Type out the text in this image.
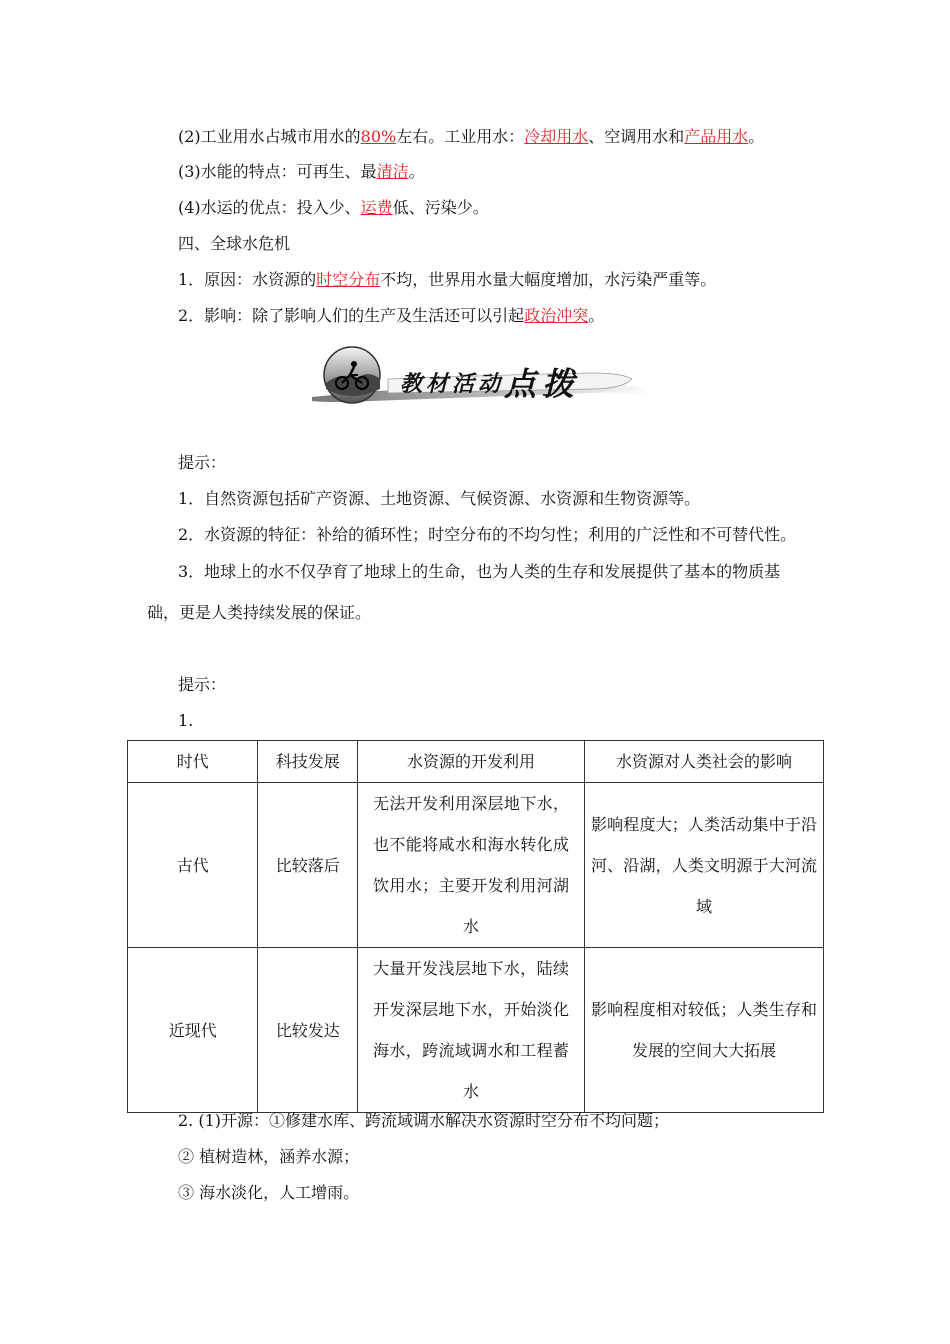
(2)工业用水占城市用水的80%左右。工业用水：冷却用水、空调用水和产品用水。
(3)水能的特点：可再生、最清洁。
(4)水运的优点：投入少、运费低、污染少。
四、全球水危机
1．原因：水资源的时空分布不均，世界用水量大幅度增加，水污染严重等。
2．影响：除了影响人们的生产及生活还可以引起政治冲突。
教材活动 点拨
提示：
1．自然资源包括矿产资源、土地资源、气候资源、水资源和生物资源等。
2．水资源的特征：补给的循环性；时空分布的不均匀性；利用的广泛性和不可替代性。
3．地球上的水不仅孕育了地球上的生命，也为人类的生存和发展提供了基本的物质基
础，更是人类持续发展的保证。
提示：
1.
时代	科技发展	水资源的开发利用	水资源对人类社会的影响
古代	比较落后	无法开发利用深层地下水，也不能将咸水和海水转化成饮用水；主要开发利用河湖水	影响程度大；人类活动集中于沿河、沿湖，人类文明源于大河流域

近现代	比较发达	大量开发浅层地下水，陆续开发深层地下水，开始淡化海水，跨流域调水和工程蓄水	影响程度相对较低；人类生存和发展的空间大大拓展
2. (1)开源：①修建水库、跨流域调水解决水资源时空分布不均问题；
② 植树造林，涵养水源；
③ 海水淡化，人工增雨。
